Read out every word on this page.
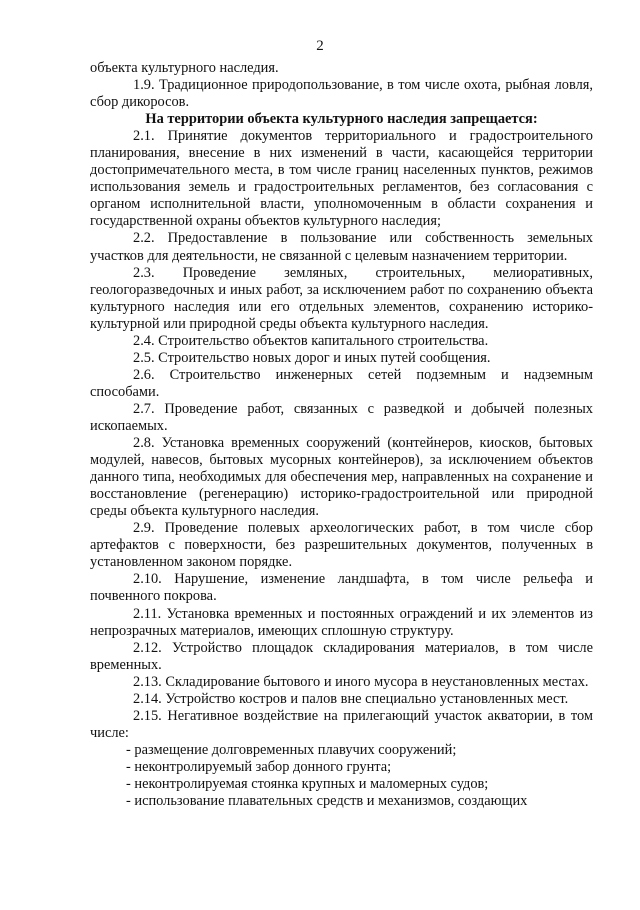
2

объекта культурного наследия.

1.9. Традиционное природопользование, в том числе охота, рыбная ловля, сбор дикоросов.

На территории объекта культурного наследия запрещается:

2.1. Принятие документов территориального и градостроительного планирования, внесение в них изменений в части, касающейся территории достопримечательного места, в том числе границ населенных пунктов, режимов использования земель и градостроительных регламентов, без согласования с органом исполнительной власти, уполномоченным в области сохранения и государственной охраны объектов культурного наследия;

2.2. Предоставление в пользование или собственность земельных участков для деятельности, не связанной с целевым назначением территории.

2.3. Проведение земляных, строительных, мелиоративных, геологоразведочных и иных работ, за исключением работ по сохранению объекта культурного наследия или его отдельных элементов, сохранению историко-культурной или природной среды объекта культурного наследия.

2.4. Строительство объектов капитального строительства.

2.5. Строительство новых дорог и иных путей сообщения.

2.6. Строительство инженерных сетей подземным и надземным способами.

2.7. Проведение работ, связанных с разведкой и добычей полезных ископаемых.

2.8. Установка временных сооружений (контейнеров, киосков, бытовых модулей, навесов, бытовых мусорных контейнеров), за исключением объектов данного типа, необходимых для обеспечения мер, направленных на сохранение и восстановление (регенерацию) историко-градостроительной или природной среды объекта культурного наследия.

2.9. Проведение полевых археологических работ, в том числе сбор артефактов с поверхности, без разрешительных документов, полученных в установленном законом порядке.

2.10. Нарушение, изменение ландшафта, в том числе рельефа и почвенного покрова.

2.11. Установка временных и постоянных ограждений и их элементов из непрозрачных материалов, имеющих сплошную структуру.

2.12. Устройство площадок складирования материалов, в том числе временных.

2.13. Складирование бытового и иного мусора в неустановленных местах.

2.14. Устройство костров и палов вне специально установленных мест.

2.15. Негативное воздействие на прилегающий участок акватории, в том числе:

- размещение долговременных плавучих сооружений;

- неконтролируемый забор донного грунта;

- неконтролируемая стоянка крупных и маломерных судов;

- использование плавательных средств и механизмов, создающих
